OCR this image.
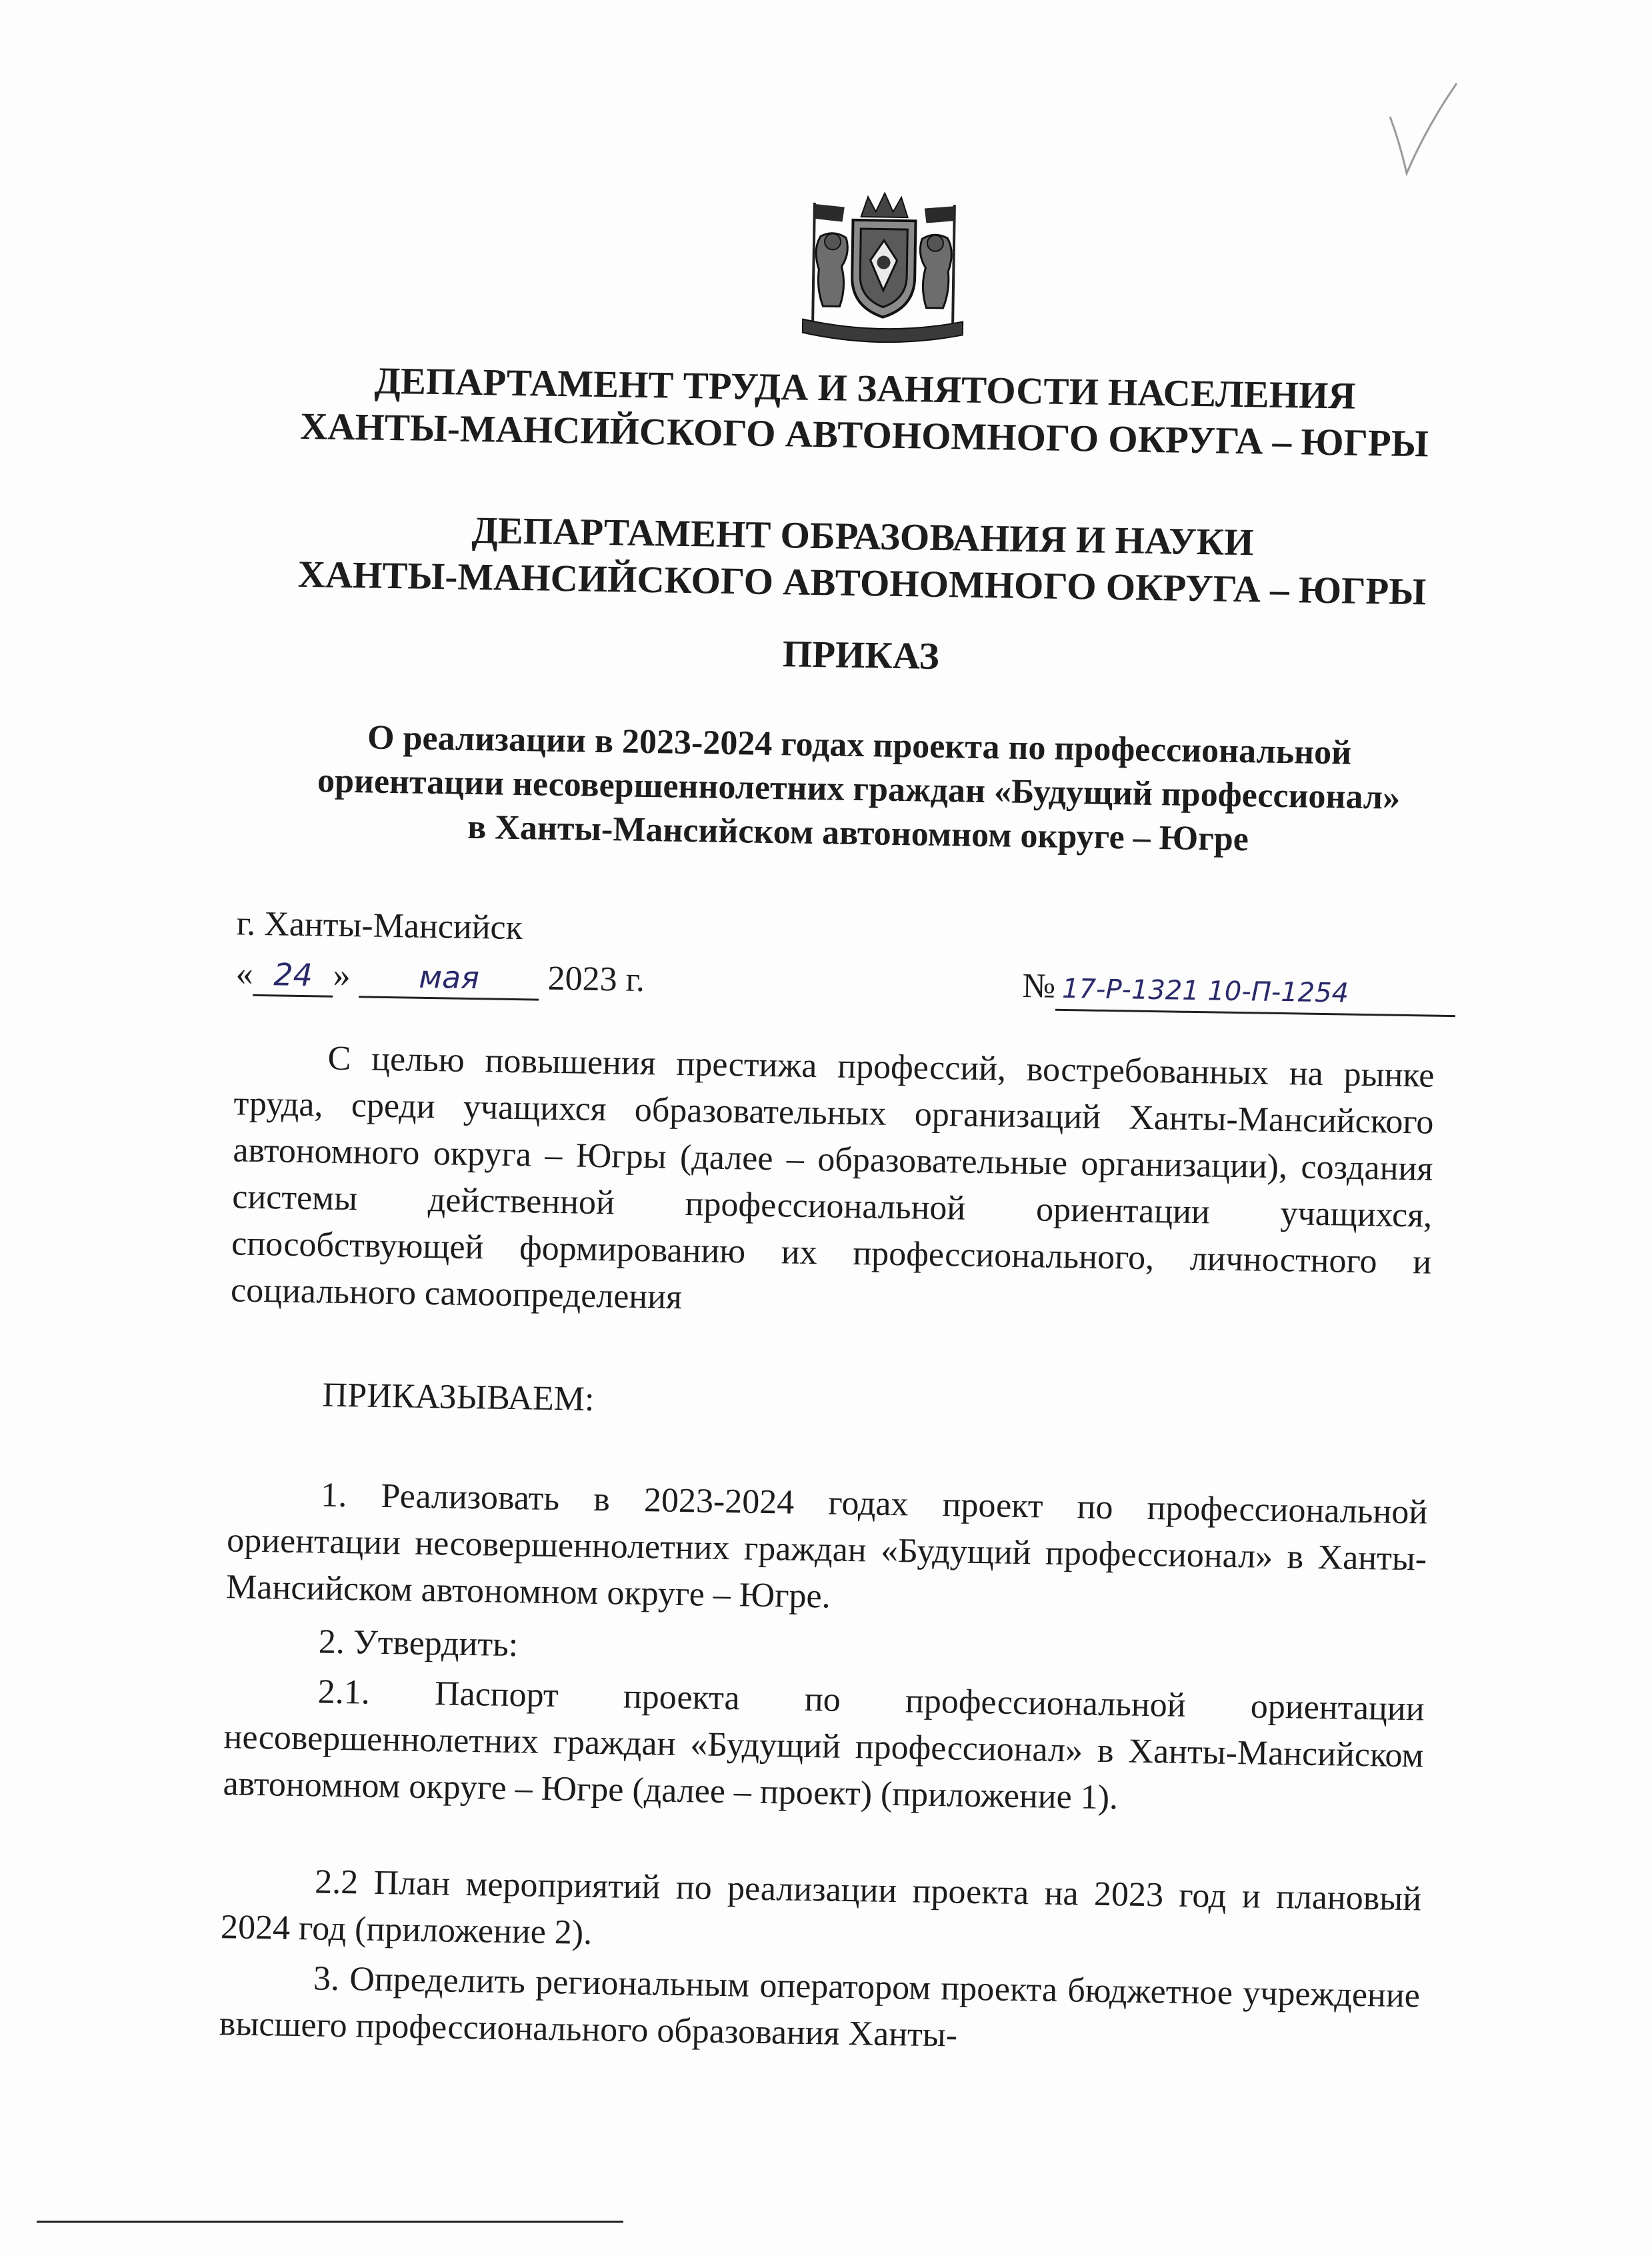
ДЕПАРТАМЕНТ ТРУДА И ЗАНЯТОСТИ НАСЕЛЕНИЯ
ХАНТЫ-МАНСИЙСКОГО АВТОНОМНОГО ОКРУГА – ЮГРЫ
ДЕПАРТАМЕНТ ОБРАЗОВАНИЯ И НАУКИ
ХАНТЫ-МАНСИЙСКОГО АВТОНОМНОГО ОКРУГА – ЮГРЫ
ПРИКАЗ
О реализации в 2023-2024 годах проекта по профессиональной
ориентации несовершеннолетних граждан «Будущий профессионал»
в Ханты-Мансийском автономном округе – Югре

г. Ханты-Мансийск

« 24 » мая 2023 г.	№ 17-Р-1321 10-П-1254

С целью повышения престижа профессий, востребованных на рынке труда, среди учащихся образовательных организаций Ханты-Мансийского автономного округа – Югры (далее – образовательные организации), создания системы действенной профессиональной ориентации учащихся, способствующей формированию их профессионального, личностного и социального самоопределения

ПРИКАЗЫВАЕМ:

1. Реализовать в 2023-2024 годах проект по профессиональной ориентации несовершеннолетних граждан «Будущий профессионал» в Ханты-Мансийском автономном округе – Югре.

2. Утвердить:

2.1. Паспорт проекта по профессиональной ориентации несовершеннолетних граждан «Будущий профессионал» в Ханты-Мансийском автономном округе – Югре (далее – проект) (приложение 1).

2.2 План мероприятий по реализации проекта на 2023 год и плановый 2024 год (приложение 2).

3. Определить региональным оператором проекта бюджетное учреждение высшего профессионального образования Ханты-
